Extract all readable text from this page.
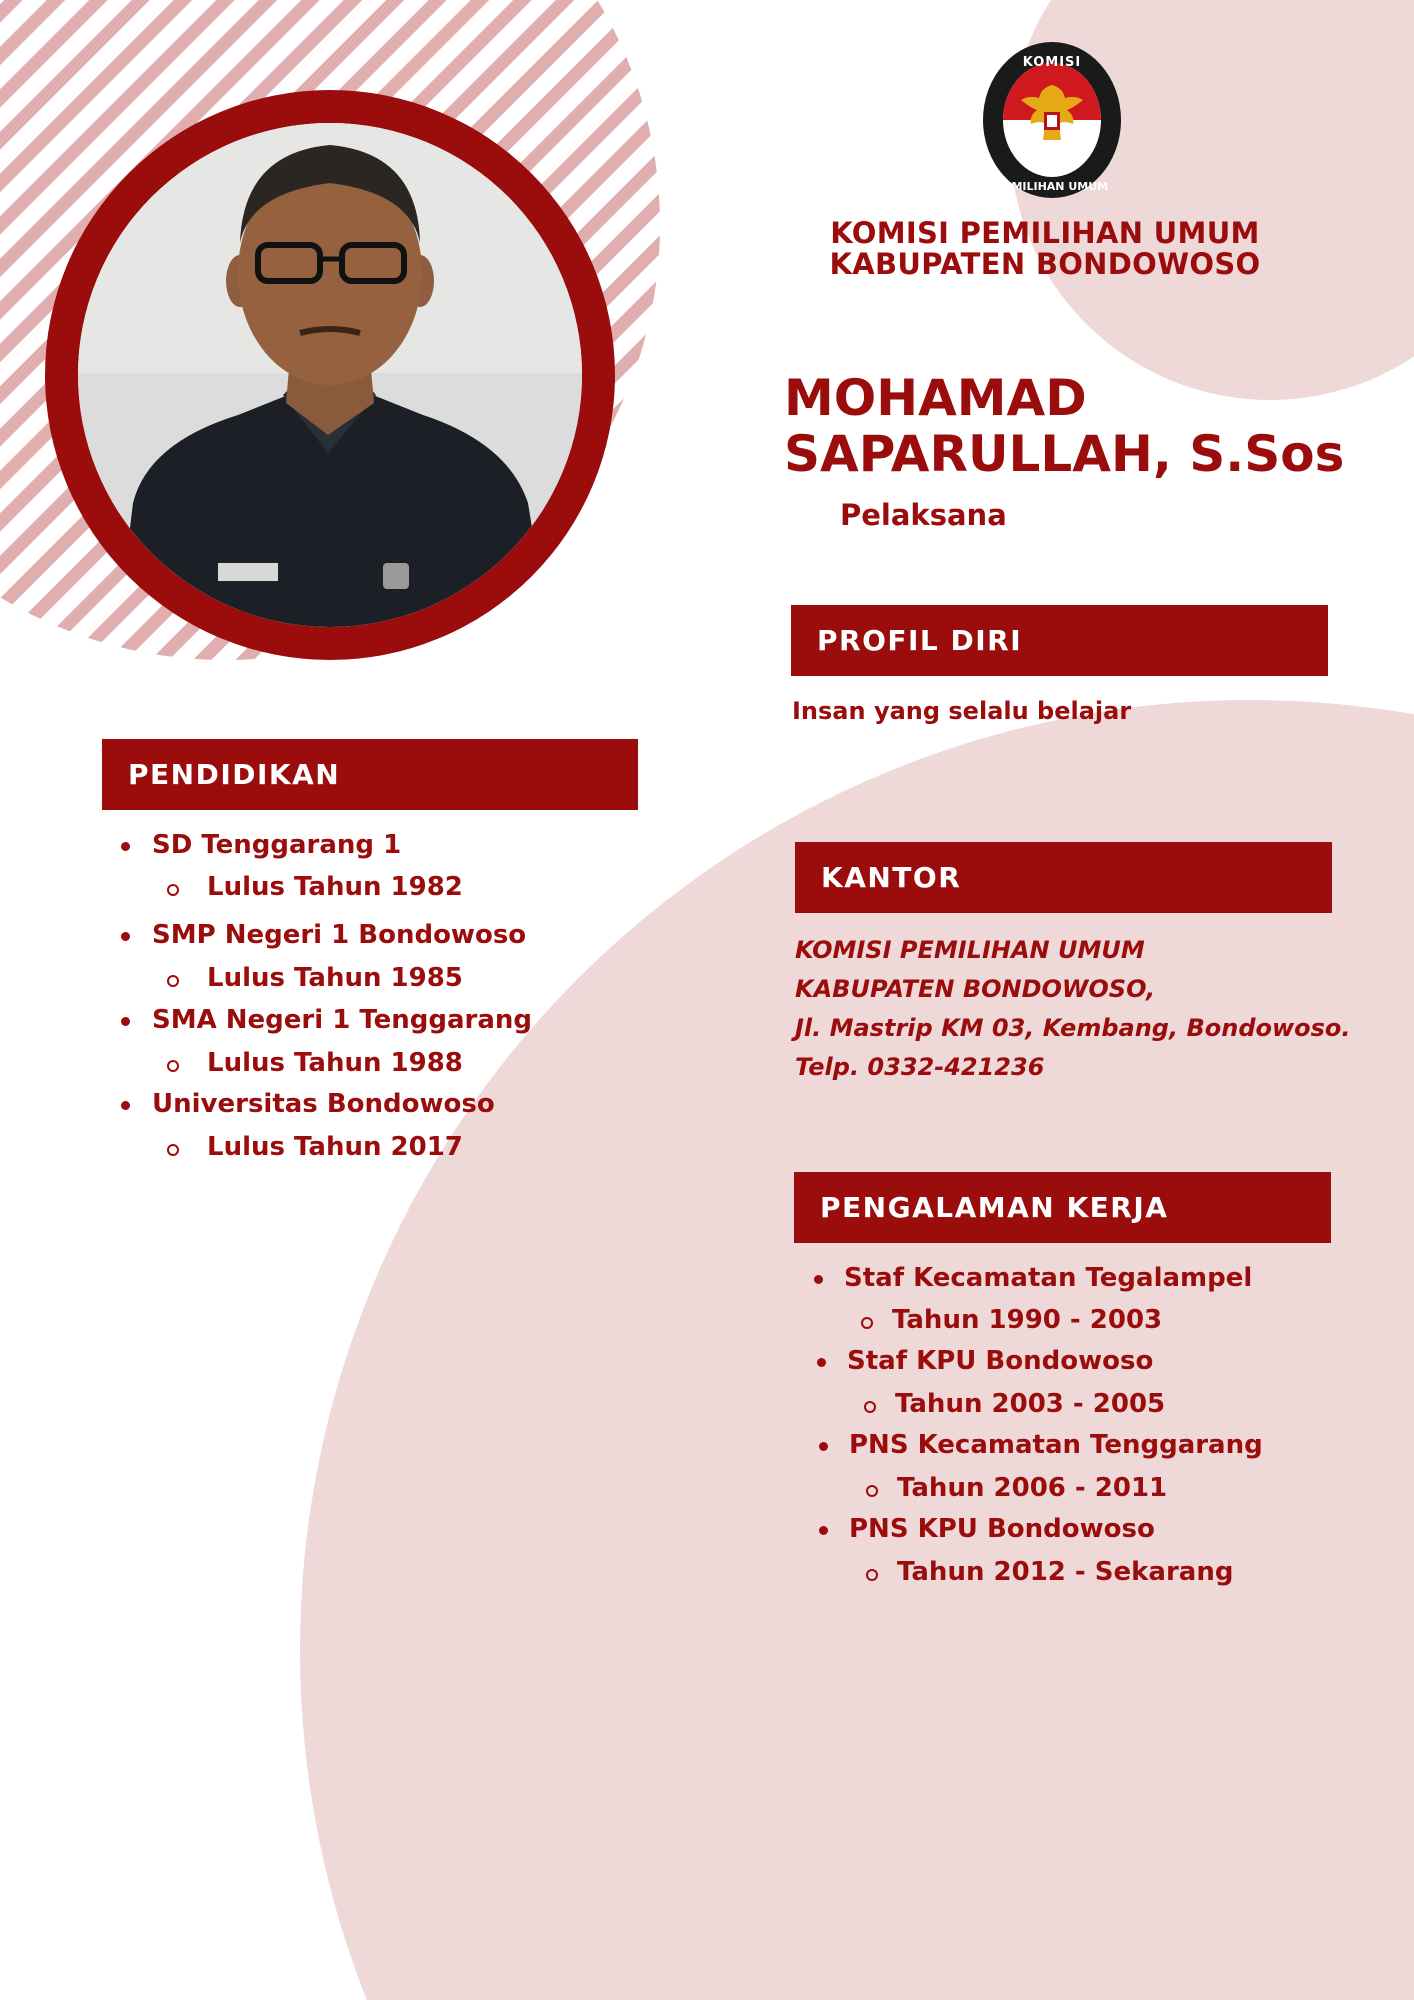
KOMISI
PEMILIHAN UMUM
KOMISI PEMILIHAN UMUM
KABUPATEN BONDOWOSO
MOHAMAD
SAPARULLAH, S.Sos
Pelaksana
PROFIL DIRI
Insan yang selalu belajar
PENDIDIKAN
SD Tenggarang 1
Lulus Tahun 1982
SMP Negeri 1 Bondowoso
Lulus Tahun 1985
SMA Negeri 1 Tenggarang
Lulus Tahun 1988
Universitas Bondowoso
Lulus Tahun 2017
KANTOR
KOMISI PEMILIHAN UMUM
KABUPATEN BONDOWOSO,
Jl. Mastrip KM 03, Kembang, Bondowoso.
Telp. 0332-421236
PENGALAMAN KERJA
Staf Kecamatan Tegalampel
Tahun 1990 - 2003
Staf KPU Bondowoso
Tahun 2003 - 2005
PNS Kecamatan Tenggarang
Tahun 2006 - 2011
PNS KPU Bondowoso
Tahun 2012 - Sekarang
